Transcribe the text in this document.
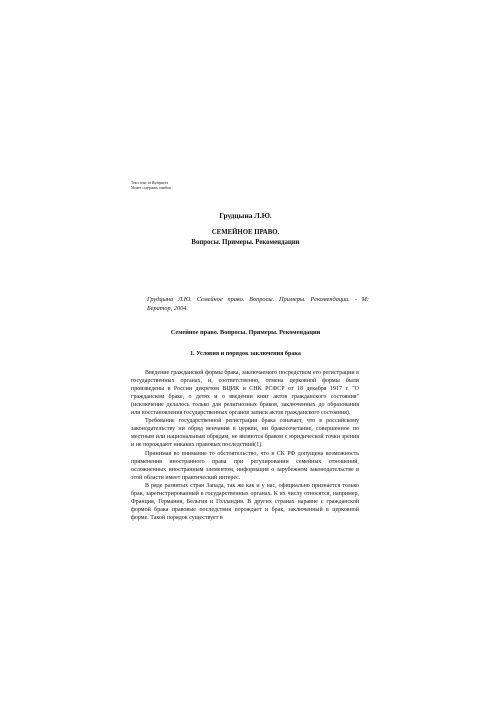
Текст взят из Интернета
Может содержать ошибки
Грудцына Л.Ю.
СЕМЕЙНОЕ ПРАВО.
Вопросы. Примеры. Рекомендации
Грудцына Л.Ю. Семейное право. Вопросы. Примеры. Рекомендации. - М: Бератор, 2004.
Семейное право. Вопросы. Примеры. Рекомендации
1. Условия и порядок заключения брака

Введение гражданской формы брака, заключаемого посредством его регистрации в государственных органах, и, соответственно, отмена церковной формы были произведены в России декретом ВЦИК и СНК РСФСР от 18 декабря 1917 г. "О гражданском браке, о детях и о введении книг актов гражданского состояния" (исключение делалось только для религиозных браков, заключенных до образования или восстановления государственных органов записи актов гражданского состояния).

Требование государственной регистрации брака означает, что в российскому законодательству ни обряд венчания в церкви, ни бракосочетание, совершенное по местным или национальным обрядам, не являются браком с юридической точки зрения и не порождают никаких правовых последствий(1).

Принимая во внимание то обстоятельство, что в СК РФ допущена возможность применения иностранного права при регулировании семейных отношений, осложненных иностранным элементом, информация о зарубежном законодательстве в этой области имеет практический интерес.

В ряде развитых стран Запада, так же как и у нас, официально признается только брак, зарегистрированный в государственных органах. К их числу относятся, например, Франция, Германия, Бельгия и Голландия. В других странах наравне с гражданской формой брака правовые последствия порождает и брак, заключенный в церковной форме. Такой порядок существует в
